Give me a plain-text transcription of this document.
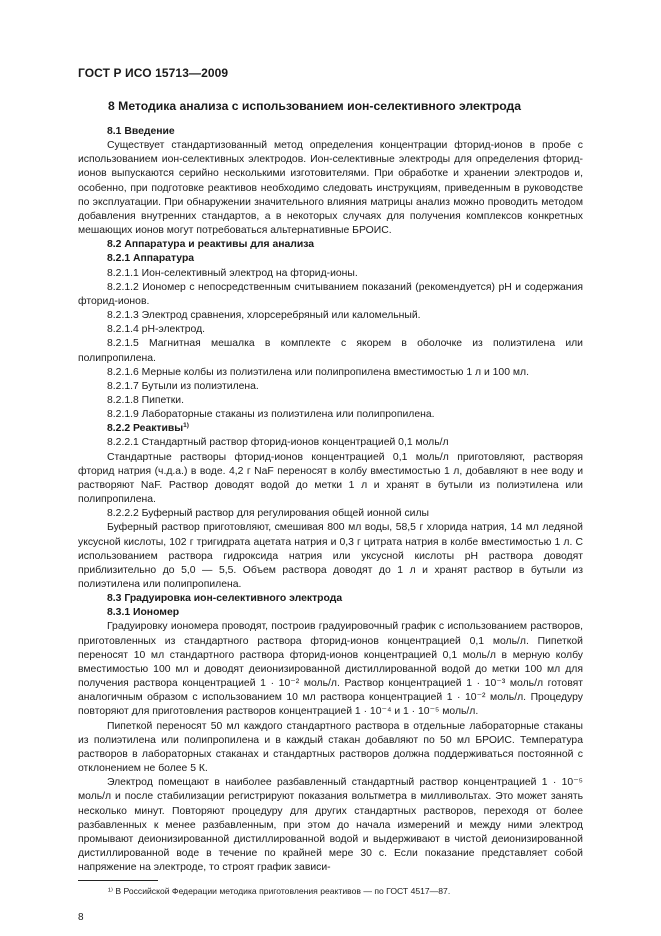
ГОСТ Р ИСО 15713—2009
8 Методика анализа с использованием ион-селективного электрода

8.1 Введение

Существует стандартизованный метод определения концентрации фторид-ионов в пробе с использованием ион-селективных электродов. Ион-селективные электроды для определения фторид-ионов выпускаются серийно несколькими изготовителями. При обработке и хранении электродов и, особенно, при подготовке реактивов необходимо следовать инструкциям, приведенным в руководстве по эксплуатации. При обнаружении значительного влияния матрицы анализ можно проводить методом добавления внутренних стандартов, а в некоторых случаях для получения комплексов конкретных мешающих ионов могут потребоваться альтернативные БРОИС.

8.2 Аппаратура и реактивы для анализа

8.2.1 Аппаратура

8.2.1.1 Ион-селективный электрод на фторид-ионы.

8.2.1.2 Иономер с непосредственным считыванием показаний (рекомендуется) pH и содержания фторид-ионов.

8.2.1.3 Электрод сравнения, хлорсеребряный или каломельный.

8.2.1.4 pH-электрод.

8.2.1.5 Магнитная мешалка в комплекте с якорем в оболочке из полиэтилена или полипропилена.

8.2.1.6 Мерные колбы из полиэтилена или полипропилена вместимостью 1 л и 100 мл.

8.2.1.7 Бутыли из полиэтилена.

8.2.1.8 Пипетки.

8.2.1.9 Лабораторные стаканы из полиэтилена или полипропилена.

8.2.2 Реактивы$^{1)}$

8.2.2.1 Стандартный раствор фторид-ионов концентрацией 0,1 моль/л

Стандартные растворы фторид-ионов концентрацией 0,1 моль/л приготовляют, растворяя фторид натрия (ч.д.а.) в воде. 4,2 г NaF переносят в колбу вместимостью 1 л, добавляют в нее воду и растворяют NaF. Раствор доводят водой до метки 1 л и хранят в бутыли из полиэтилена или полипропилена.

8.2.2.2 Буферный раствор для регулирования общей ионной силы

Буферный раствор приготовляют, смешивая 800 мл воды, 58,5 г хлорида натрия, 14 мл ледяной уксусной кислоты, 102 г тригидрата ацетата натрия и 0,3 г цитрата натрия в колбе вместимостью 1 л. С использованием раствора гидроксида натрия или уксусной кислоты pH раствора доводят приблизительно до 5,0 — 5,5. Объем раствора доводят до 1 л и хранят раствор в бутыли из полиэтилена или полипропилена.

8.3 Градуировка ион-селективного электрода

8.3.1 Иономер

Градуировку иономера проводят, построив градуировочный график с использованием растворов, приготовленных из стандартного раствора фторид-ионов концентрацией 0,1 моль/л. Пипеткой переносят 10 мл стандартного раствора фторид-ионов концентрацией 0,1 моль/л в мерную колбу вместимостью 100 мл и доводят деионизированной дистиллированной водой до метки 100 мл для получения раствора концентрацией 1 · 10⁻² моль/л. Раствор концентрацией 1 · 10⁻³ моль/л готовят аналогичным образом с использованием 10 мл раствора концентрацией 1 · 10⁻² моль/л. Процедуру повторяют для приготовления растворов концентрацией 1 · 10⁻⁴ и 1 · 10⁻⁵ моль/л.

Пипеткой переносят 50 мл каждого стандартного раствора в отдельные лабораторные стаканы из полиэтилена или полипропилена и в каждый стакан добавляют по 50 мл БРОИС. Температура растворов в лабораторных стаканах и стандартных растворов должна поддерживаться постоянной с отклонением не более 5 К.

Электрод помещают в наиболее разбавленный стандартный раствор концентрацией 1 · 10⁻⁵ моль/л и после стабилизации регистрируют показания вольтметра в милливольтах. Это может занять несколько минут. Повторяют процедуру для других стандартных растворов, переходя от более разбавленных к менее разбавленным, при этом до начала измерений и между ними электрод промывают деионизированной дистиллированной водой и выдерживают в чистой деионизированной дистиллированной воде в течение по крайней мере 30 с. Если показание представляет собой напряжение на электроде, то строят график зависи-

¹⁾ В Российской Федерации методика приготовления реактивов — по ГОСТ 4517—87.
8
